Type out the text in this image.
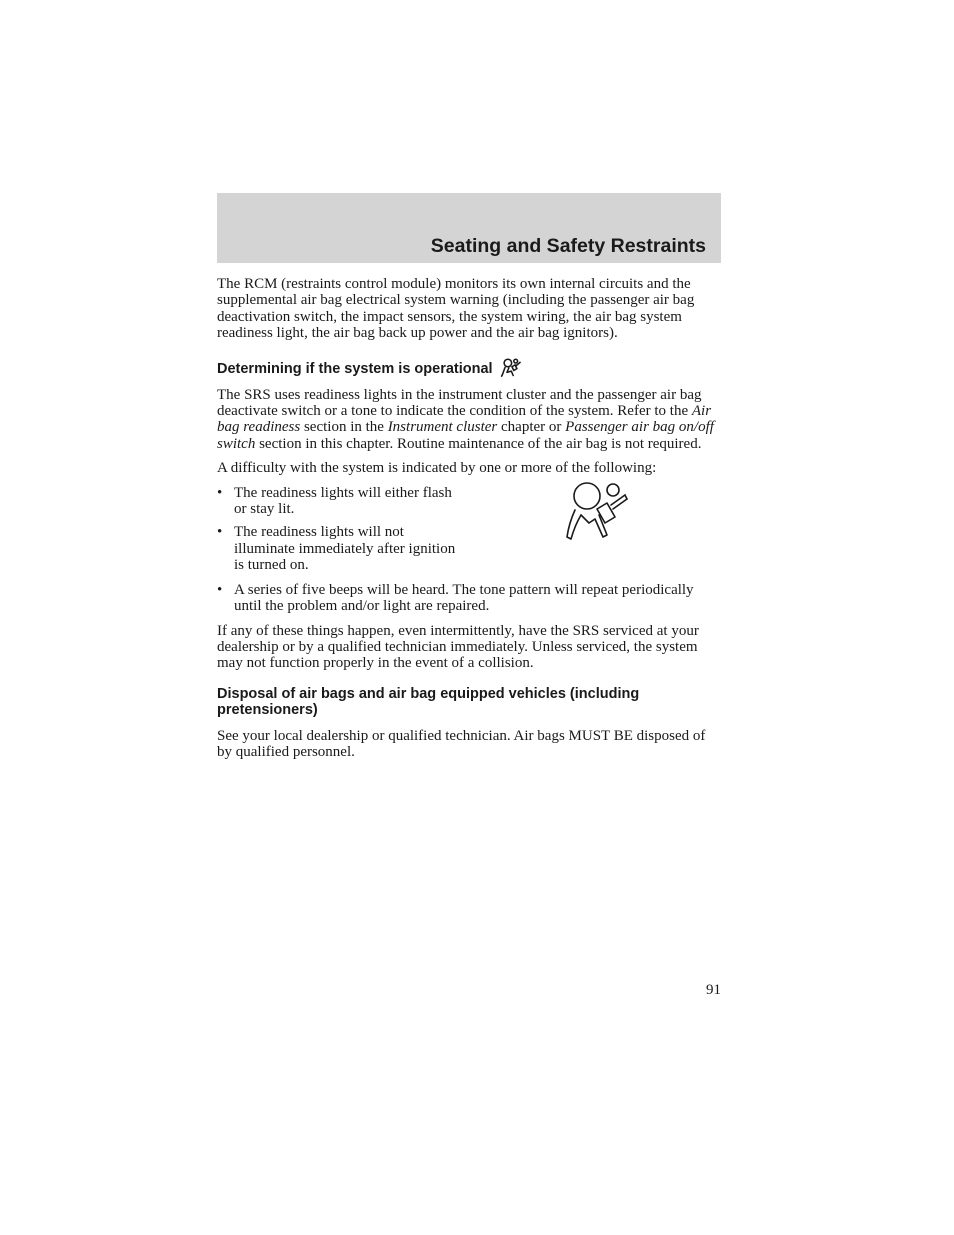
Seating and Safety Restraints

The RCM (restraints control module) monitors its own internal circuits and the supplemental air bag electrical system warning (including the passenger air bag deactivation switch, the impact sensors, the system wiring, the air bag system readiness light, the air bag back up power and the air bag ignitors).

Determining if the system is operational

The SRS uses readiness lights in the instrument cluster and the passenger air bag deactivate switch or a tone to indicate the condition of the system. Refer to the Air bag readiness section in the Instrument cluster chapter or Passenger air bag on/off switch section in this chapter. Routine maintenance of the air bag is not required.

A difficulty with the system is indicated by one or more of the following:

• The readiness lights will either flash or stay lit.
• The readiness lights will not illuminate immediately after ignition is turned on.
• A series of five beeps will be heard. The tone pattern will repeat periodically until the problem and/or light are repaired.

If any of these things happen, even intermittently, have the SRS serviced at your dealership or by a qualified technician immediately. Unless serviced, the system may not function properly in the event of a collision.

Disposal of air bags and air bag equipped vehicles (including pretensioners)

See your local dealership or qualified technician. Air bags MUST BE disposed of by qualified personnel.

91
